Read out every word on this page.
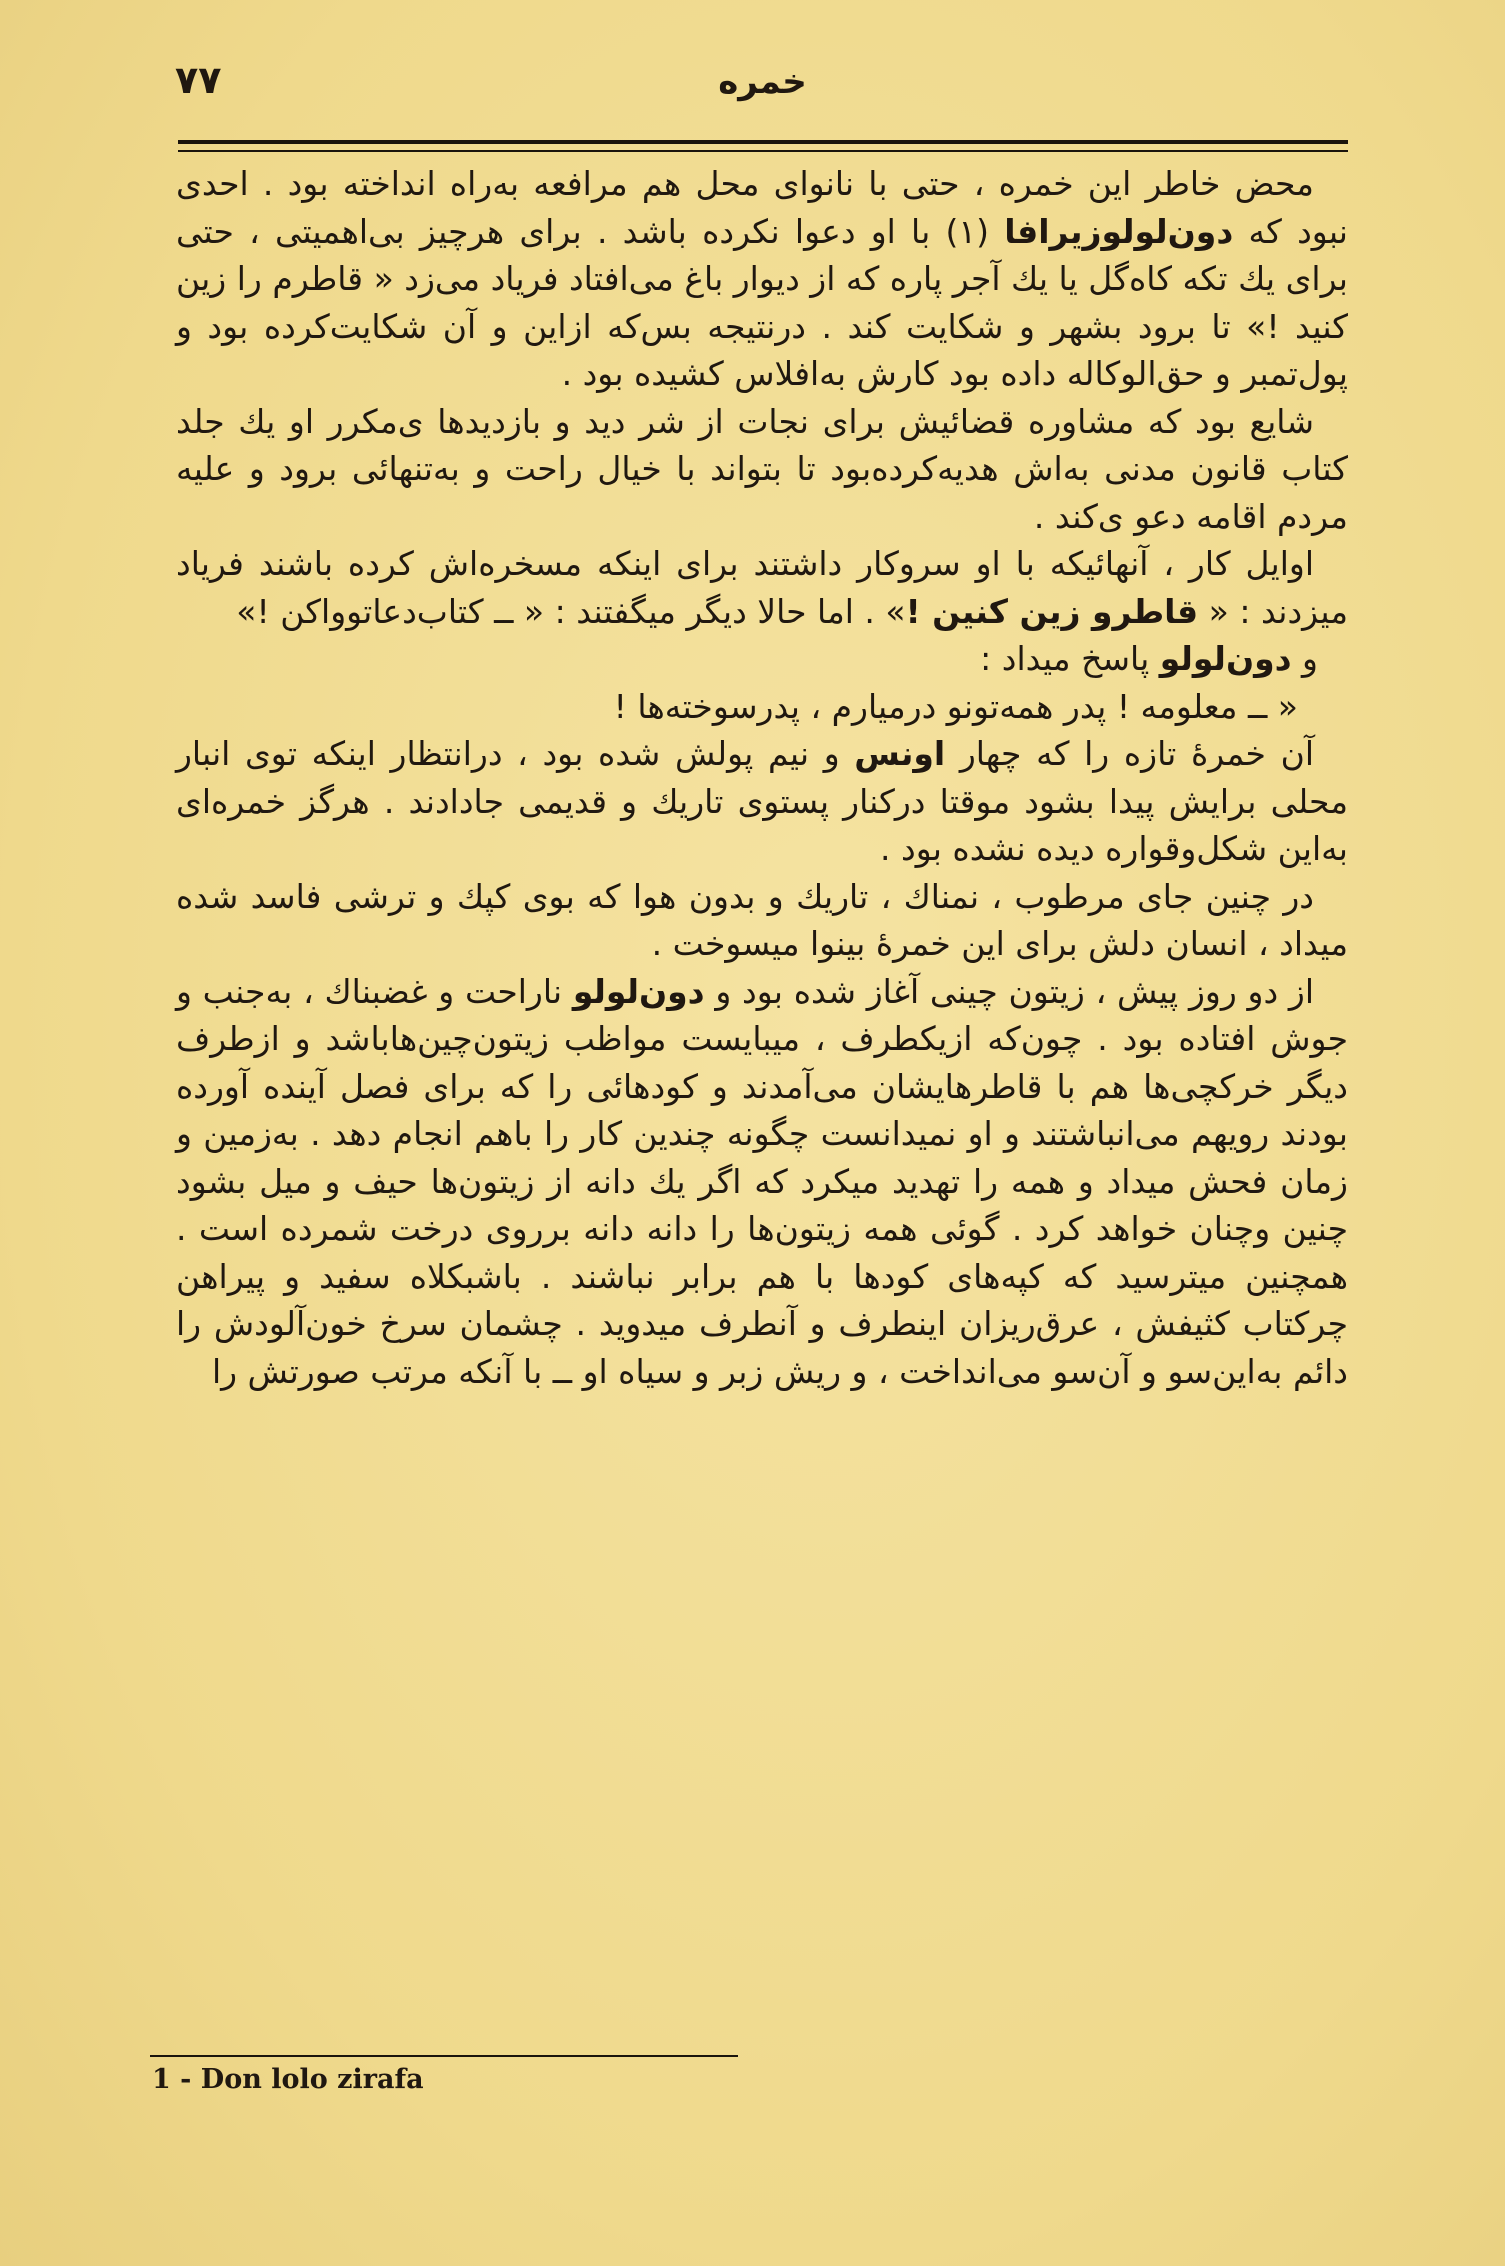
۷۷	خمره

محض خاطر این خمره ، حتی با نانوای محل هم مرافعه به‌راه انداخته بود . احدی نبود که دون‌لولوزیرافا (۱) با او دعوا نکرده باشد . برای هرچیز بی‌اهمیتی ، حتی برای یك تکه کاه‌گل یا یك آجر پاره که از دیوار باغ می‌افتاد فریاد می‌زد « قاطرم را زین کنید !» تا برود بشهر و شکایت کند . درنتیجه بس‌که ازاین و آن شکایت‌کرده بود و پول‌تمبر و حق‌الوکاله داده بود کارش به‌افلاس کشیده بود .

شایع بود که مشاوره قضائیش برای نجات از شر دید و بازدیدها ی‌مکرر او یك جلد کتاب قانون مدنی به‌اش هدیه‌کرده‌بود تا بتواند با خیال راحت و به‌تنهائی برود و علیه مردم اقامه دعو ی‌کند .

اوایل کار ، آنهائیکه با او سروکار داشتند برای اینکه مسخره‌اش کرده باشند فریاد میزدند : « قاطرو زین کنین !» . اما حالا دیگر میگفتند : « ــ کتاب‌دعاتوواکن !»

و دون‌لولو پاسخ میداد :

« ــ معلومه ! پدر همه‌تونو درمیارم ، پدرسوخته‌ها !

آن خمرهٔ تازه را که چهار اونس و نیم پولش شده بود ، درانتظار اینکه توی انبار محلی برایش پیدا بشود موقتا درکنار پستوی تاریك و قدیمی جادادند . هرگز خمره‌ای به‌این شکل‌وقواره دیده نشده بود .

در چنین جای مرطوب ، نمناك ، تاریك و بدون هوا که بوی کپك و ترشی فاسد شده میداد ، انسان دلش برای این خمرهٔ بینوا میسوخت .

از دو روز پیش ، زیتون چینی آغاز شده بود و دون‌لولو ناراحت و غضبناك ، به‌جنب و جوش افتاده بود . چون‌که ازیکطرف ، میبایست مواظب زیتون‌چین‌هاباشد و ازطرف دیگر خرکچی‌ها هم با قاطرهایشان می‌آمدند و کودهائی را که برای فصل آینده آورده بودند رویهم می‌انباشتند و او نمیدانست چگونه چندین کار را باهم انجام دهد . به‌زمین و زمان فحش میداد و همه را تهدید میکرد که اگر یك دانه از زیتون‌ها حیف و میل بشود چنین وچنان خواهد کرد . گوئی همه زیتون‌ها را دانه دانه برروی درخت شمرده است . همچنین میترسید که کپه‌های کودها با هم برابر نباشند . باشبکلاه سفید و پیراهن چرکتاب کثیفش ، عرق‌ریزان اینطرف و آنطرف میدوید . چشمان سرخ خون‌آلودش را دائم به‌این‌سو و آن‌سو می‌انداخت ، و ریش زبر و سیاه او ــ با آنکه مرتب صورتش را

1 - Don lolo zirafa
